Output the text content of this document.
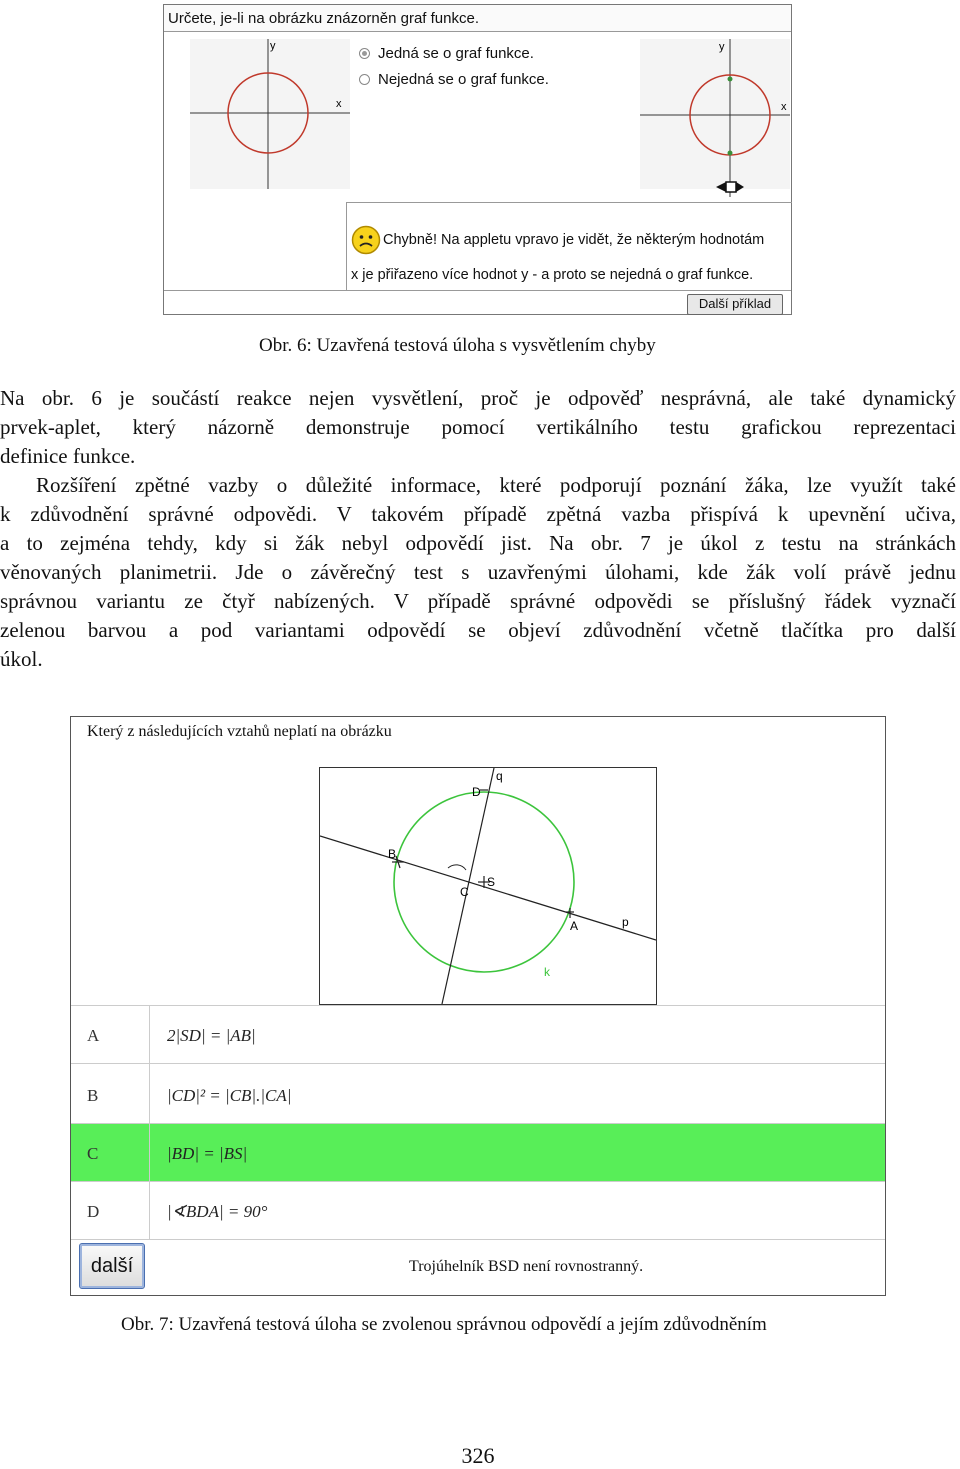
Určete, je-li na obrázku znázorněn graf funkce.
y
x
Jedná se o graf funkce.
Nejedná se o graf funkce.
y
x
Chybně! Na appletu vpravo je vidět, že některým hodnotám
x je přiřazeno více hodnot y - a proto se nejedná o graf funkce.
Další příklad
Obr. 6: Uzavřená testová úloha s vysvětlením chyby
Na obr. 6 je součástí reakce nejen vysvětlení, proč je odpověď nesprávná, ale také dynamický
prvek-aplet, který názorně demonstruje pomocí vertikálního testu grafickou reprezentaci
definice funkce.
Rozšíření zpětné vazby o důležité informace, které podporují poznání žáka, lze využít také
k zdůvodnění správné odpovědi. V takovém případě zpětná vazba přispívá k upevnění učiva,
a to zejména tehdy, kdy si žák nebyl odpovědí jist. Na obr. 7 je úkol z testu na stránkách
věnovaných planimetrii. Jde o závěrečný test s uzavřenými úlohami, kde žák volí právě jednu
správnou variantu ze čtyř nabízených. V případě správné odpovědi se příslušný řádek vyznačí
zelenou barvou a pod variantami odpovědí se objeví zdůvodnění včetně tlačítka pro další
úkol.
Který z následujících vztahů neplatí na obrázku
q
D
B
C
S
A	p
k
A	2|SD| = |AB|
B	|CD|² = |CB|.|CA|
C	|BD| = |BS|
D	|∢BDA| = 90°
další	Trojúhelník BSD není rovnostranný.
Obr. 7: Uzavřená testová úloha se zvolenou správnou odpovědí a jejím zdůvodněním
326
